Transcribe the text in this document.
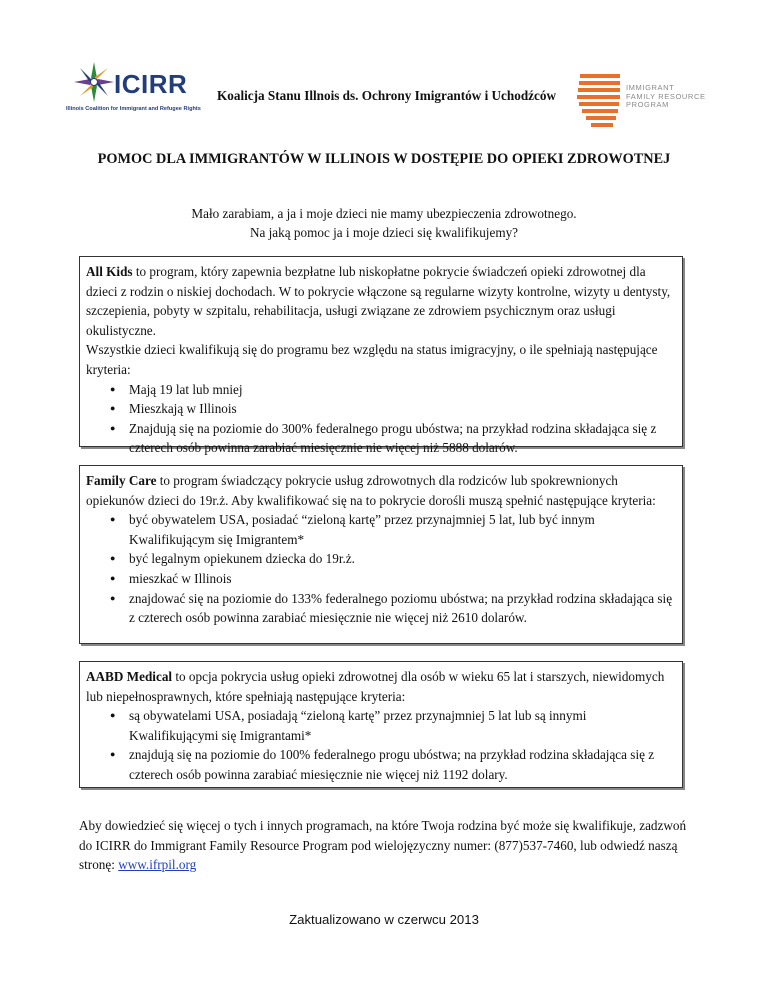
ICIRR
Illinois Coalition for Immigrant and Refugee Rights
Koalicja Stanu Illnois ds. Ochrony Imigrantów i Uchodźców
IMMIGRANT
FAMILY RESOURCE
PROGRAM
POMOC DLA IMMIGRANTÓW W ILLINOIS W DOSTĘPIE DO OPIEKI ZDROWOTNEJ
Mało zarabiam, a ja i moje dzieci nie mamy ubezpieczenia zdrowotnego.
Na jaką pomoc ja i moje dzieci się kwalifikujemy?
All Kids to program, który zapewnia bezpłatne lub niskopłatne pokrycie świadczeń opieki zdrowotnej dla dzieci z rodzin o niskiej dochodach. W to pokrycie włączone są regularne wizyty kontrolne, wizyty u dentysty, szczepienia, pobyty w szpitalu, rehabilitacja, usługi związane ze zdrowiem psychicznym oraz usługi okulistyczne.
Wszystkie dzieci kwalifikują się do programu bez względu na status imigracyjny, o ile spełniają następujące kryteria:
● Mają 19 lat lub mniej
● Mieszkają w Illinois
● Znajdują się na poziomie do 300% federalnego progu ubóstwa; na przykład rodzina składająca się z czterech osób powinna zarabiać miesięcznie nie więcej niż 5888 dolarów.
Family Care to program świadczący pokrycie usług zdrowotnych dla rodziców lub spokrewnionych opiekunów dzieci do 19r.ż. Aby kwalifikować się na to pokrycie dorośli muszą spełnić następujące kryteria:
● być obywatelem USA, posiadać “zieloną kartę” przez przynajmniej 5 lat, lub być innym Kwalifikującym się Imigrantem*
● być legalnym opiekunem dziecka do 19r.ż.
● mieszkać w Illinois
● znajdować się na poziomie do 133% federalnego poziomu ubóstwa; na przykład rodzina składająca się z czterech osób powinna zarabiać miesięcznie nie więcej niż 2610 dolarów.
AABD Medical to opcja pokrycia usług opieki zdrowotnej dla osób w wieku 65 lat i starszych, niewidomych lub niepełnosprawnych, które spełniają następujące kryteria:
● są obywatelami USA, posiadają “zieloną kartę” przez przynajmniej 5 lat lub są innymi Kwalifikującymi się Imigrantami*
● znajdują się na poziomie do 100% federalnego progu ubóstwa; na przykład rodzina składająca się z czterech osób powinna zarabiać miesięcznie nie więcej niż 1192 dolary.
Aby dowiedzieć się więcej o tych i innych programach, na które Twoja rodzina być może się kwalifikuje, zadzwoń do ICIRR do Immigrant Family Resource Program pod wielojęzyczny numer: (877)537-7460, lub odwiedź naszą stronę: www.ifrpil.org
Zaktualizowano w czerwcu 2013
